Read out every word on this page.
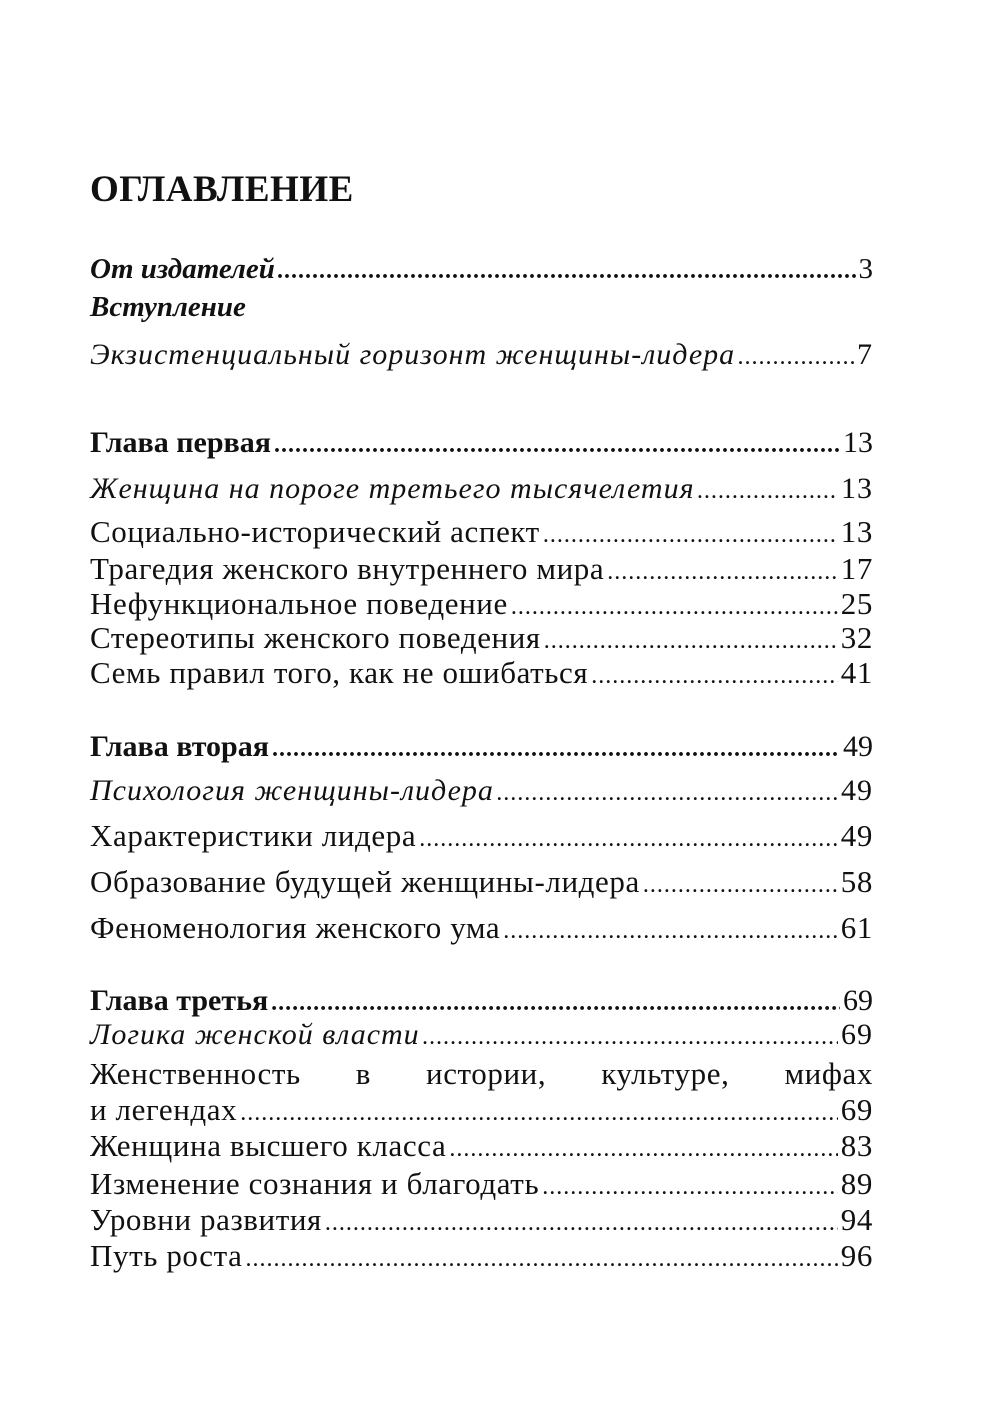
ОГЛАВЛЕНИЕ
От издателей .....	3
Вступление
Экзистенциальный горизонт женщины-лидера .....	7
Глава первая .....	13
Женщина на пороге третьего тысячелетия .....	13
Социально-исторический аспект .....	13
Трагедия женского внутреннего мира .....	17
Нефункциональное поведение .....	25
Стереотипы женского поведения .....	32
Семь правил того, как не ошибаться .....	41
Глава вторая .....	49
Психология женщины-лидера .....	49
Характеристики лидера .....	49
Образование будущей женщины-лидера .....	58
Феноменология женского ума .....	61
Глава третья .....	69
Логика женской власти .....	69
Женственность в истории, культуре, мифах
и легендах .....	69
Женщина высшего класса .....	83
Изменение сознания и благодать .....	89
Уровни развития .....	94
Путь роста .....	96
